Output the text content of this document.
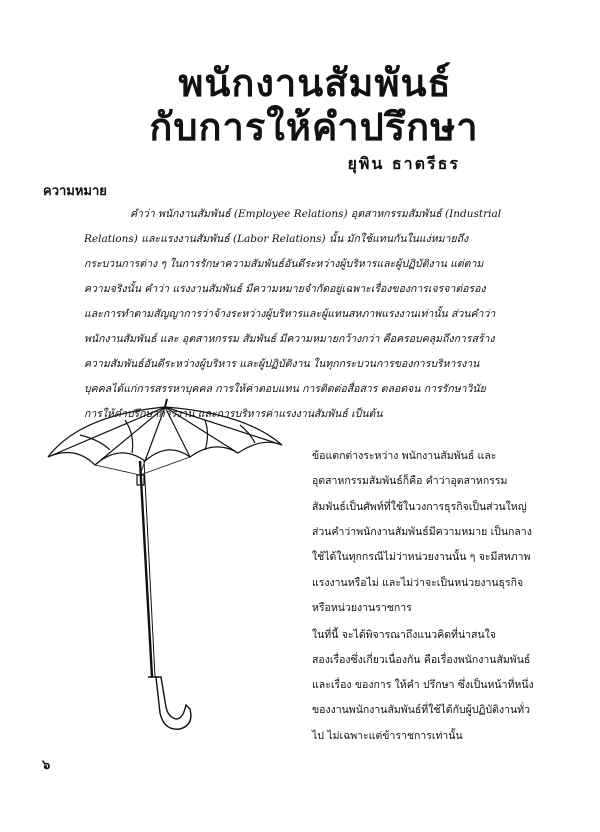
พนักงานสัมพันธ์
กับการให้คำปรึกษา
ยุพิน ธาตรีธร
ความหมาย
คำว่า พนักงานสัมพันธ์ (Employee Relations) อุตสาหกรรมสัมพันธ์ (Industrial
Relations) และแรงงานสัมพันธ์ (Labor Relations) นั้น มักใช้แทนกันในแง่หมายถึง
กระบวนการต่าง ๆ ในการรักษาความสัมพันธ์อันดีระหว่างผู้บริหารและผู้ปฏิบัติงาน แต่ตาม
ความจริงนั้น คำว่า แรงงานสัมพันธ์ มีความหมายจำกัดอยู่เฉพาะเรื่องของการเจรจาต่อรอง
และการทำตามสัญญาการว่าจ้างระหว่างผู้บริหารและผู้แทนสหภาพแรงงานเท่านั้น ส่วนคำว่า
พนักงานสัมพันธ์ และ อุตสาหกรรม สัมพันธ์ มีความหมายกว้างกว่า คือครอบคลุมถึงการสร้าง
ความสัมพันธ์อันดีระหว่างผู้บริหาร และผู้ปฏิบัติงาน ในทุกกระบวนการของการบริหารงาน
บุคคลได้แก่การสรรหาบุคคล การให้ค่าตอบแทน การติดต่อสื่อสาร ตลอดจน การรักษาวินัย
การให้คำปรึกษาการงาน และการบริหารค่าแรงงานสัมพันธ์ เป็นต้น
ข้อแตกต่างระหว่าง พนักงานสัมพันธ์ และ
อุตสาหกรรมสัมพันธ์ก็คือ คำว่าอุตสาหกรรม
สัมพันธ์เป็นศัพท์ที่ใช้ในวงการธุรกิจเป็นส่วนใหญ่
ส่วนคำว่าพนักงานสัมพันธ์มีความหมาย เป็นกลาง
ใช้ได้ในทุกกรณีไม่ว่าหน่วยงานนั้น ๆ จะมีสหภาพ
แรงงานหรือไม่ และไม่ว่าจะเป็นหน่วยงานธุรกิจ
หรือหน่วยงานราชการ
ในที่นี้ จะได้พิจารณาถึงแนวคิดที่น่าสนใจ
สองเรื่องซึ่งเกี่ยวเนื่องกัน คือเรื่องพนักงานสัมพันธ์
และเรื่อง ของการ ให้คำ ปรึกษา ซึ่งเป็นหน้าที่หนึ่ง
ของงานพนักงานสัมพันธ์ที่ใช้ได้กับผู้ปฏิบัติงานทั่ว
ไป ไม่เฉพาะแต่ข้าราชการเท่านั้น
๖
